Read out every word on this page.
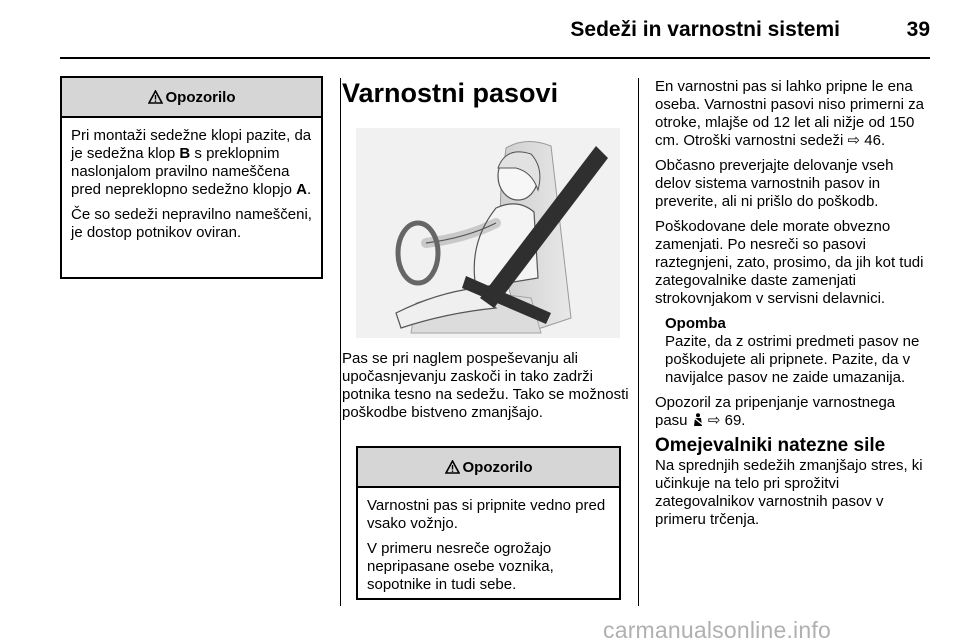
Sedeži in varnostni sistemi	39
Opozorilo

Pri montaži sedežne klopi pazite, da je sedežna klop B s preklopnim naslonjalom pravilno nameščena pred nepreklopno sedežno klopjo A.

Če so sedeži nepravilno nameščeni, je dostop potnikov oviran.

Varnostni pasovi
Pas se pri naglem pospeševanju ali upočasnjevanju zaskoči in tako zadrži potnika tesno na sedežu. Tako se možnosti poškodbe bistveno zmanjšajo.
Opozorilo

Varnostni pas si pripnite vedno pred vsako vožnjo.

V primeru nesreče ogrožajo nepripasane osebe voznika, sopotnike in tudi sebe.

En varnostni pas si lahko pripne le ena oseba. Varnostni pasovi niso primerni za otroke, mlajše od 12 let ali nižje od 150 cm. Otroški varnostni sedeži ⇨ 46.

Občasno preverjajte delovanje vseh delov sistema varnostnih pasov in preverite, ali ni prišlo do poškodb.

Poškodovane dele morate obvezno zamenjati. Po nesreči so pasovi raztegnjeni, zato, prosimo, da jih kot tudi zategovalnike daste zamenjati strokovnjakom v servisni delavnici.

Opomba
Pazite, da z ostrimi predmeti pasov ne poškodujete ali pripnete. Pazite, da v navijalce pasov ne zaide umazanija.

Opozoril za pripenjanje varnostnega pasu ⇨ 69.

Omejevalniki natezne sile

Na sprednjih sedežih zmanjšajo stres, ki učinkuje na telo pri sprožitvi zategovalnikov varnostnih pasov v primeru trčenja.

carmanualsonline.info
